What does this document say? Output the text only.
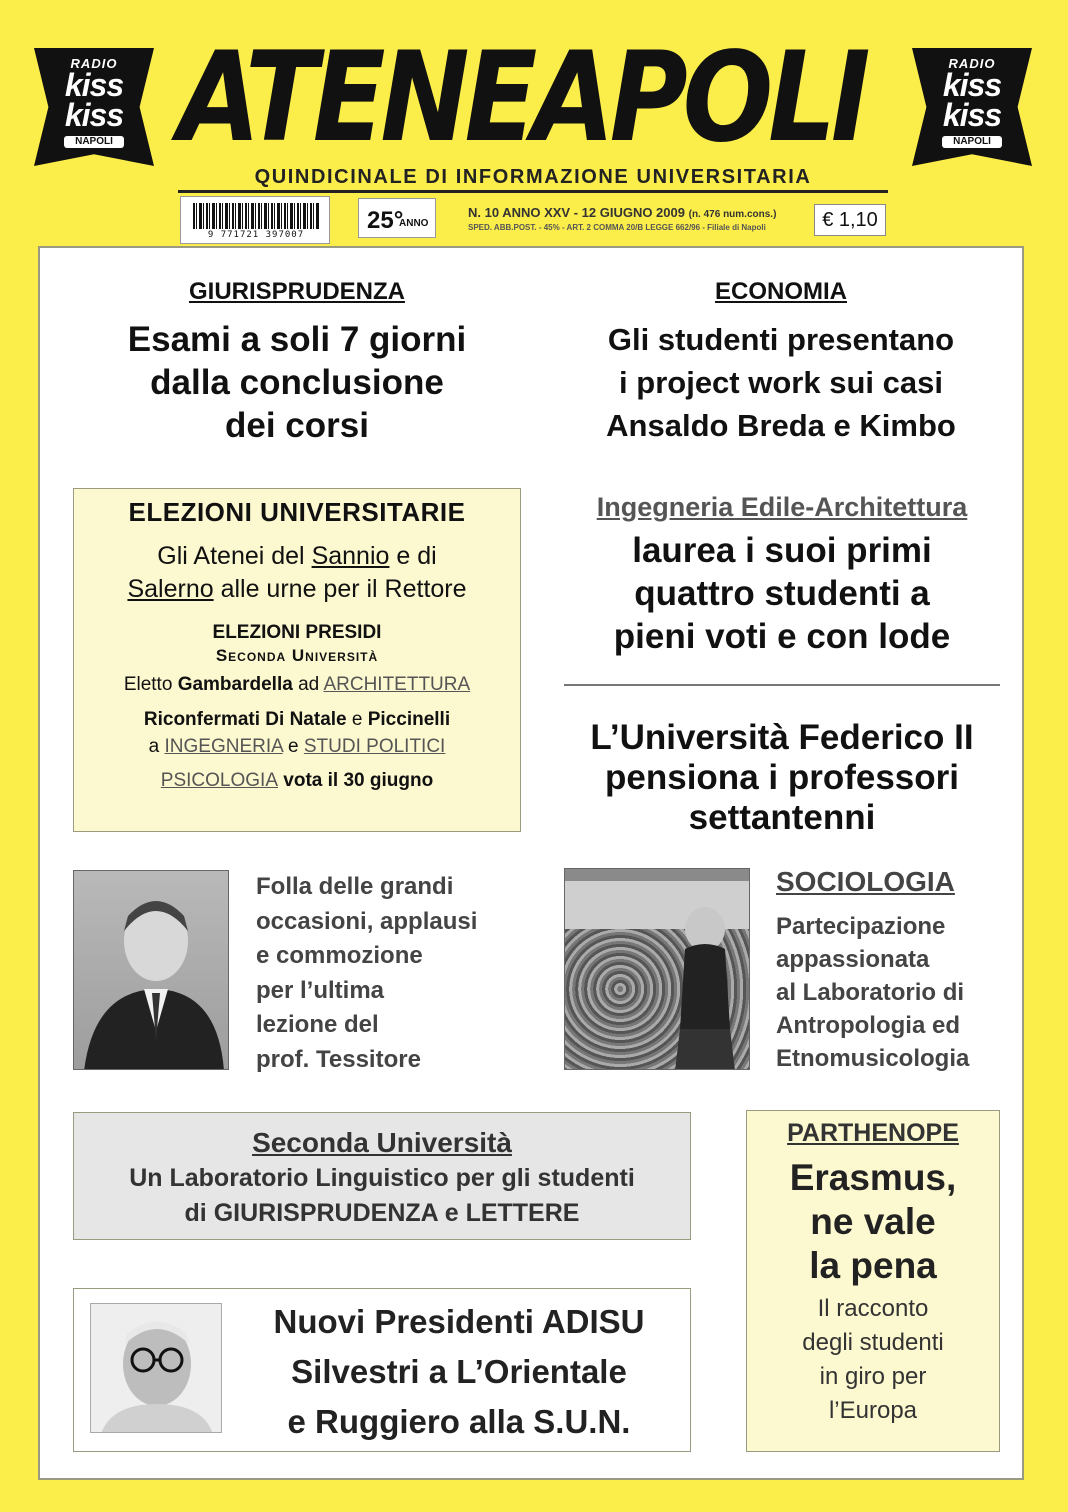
RADIO
kiss
kiss
NAPOLI ATENEAPOLI	RADIO
kiss
kiss
NAPOLI
QUINDICINALE DI INFORMAZIONE UNIVERSITARIA
9 771721 397007
25°
ANNO
N. 10 ANNO XXV - 12 GIUGNO 2009 (n. 476 num.cons.)
SPED. ABB.POST. - 45% - ART. 2 COMMA 20/B LEGGE 662/96 - Filiale di Napoli	€ 1,10
GIURISPRUDENZA
Esami a soli 7 giorni
dalla conclusione
dei corsi
ECONOMIA
Gli studenti presentano
i project work sui casi
Ansaldo Breda e Kimbo
ELEZIONI UNIVERSITARIE
Gli Atenei del Sannio e di
Salerno alle urne per il Rettore
ELEZIONI PRESIDI
Seconda Università
Eletto Gambardella ad ARCHITETTURA
Riconfermati Di Natale e Piccinelli
a INGEGNERIA e STUDI POLITICI
PSICOLOGIA vota il 30 giugno
Ingegneria Edile-Architettura
laurea i suoi primi
quattro studenti a
pieni voti e con lode
L’Università Federico II
pensiona i professori
settantenni
Folla delle grandi
occasioni, applausi
e commozione
per l’ultima
lezione del
prof. Tessitore
SOCIOLOGIA
Partecipazione
appassionata
al Laboratorio di
Antropologia ed
Etnomusicologia
Seconda Università
Un Laboratorio Linguistico per gli studenti
di GIURISPRUDENZA e LETTERE
PARTHENOPE
Erasmus,
ne vale
la pena
Il racconto
degli studenti
in giro per
l’Europa
Nuovi Presidenti ADISU
Silvestri a L’Orientale
e Ruggiero alla S.U.N.
